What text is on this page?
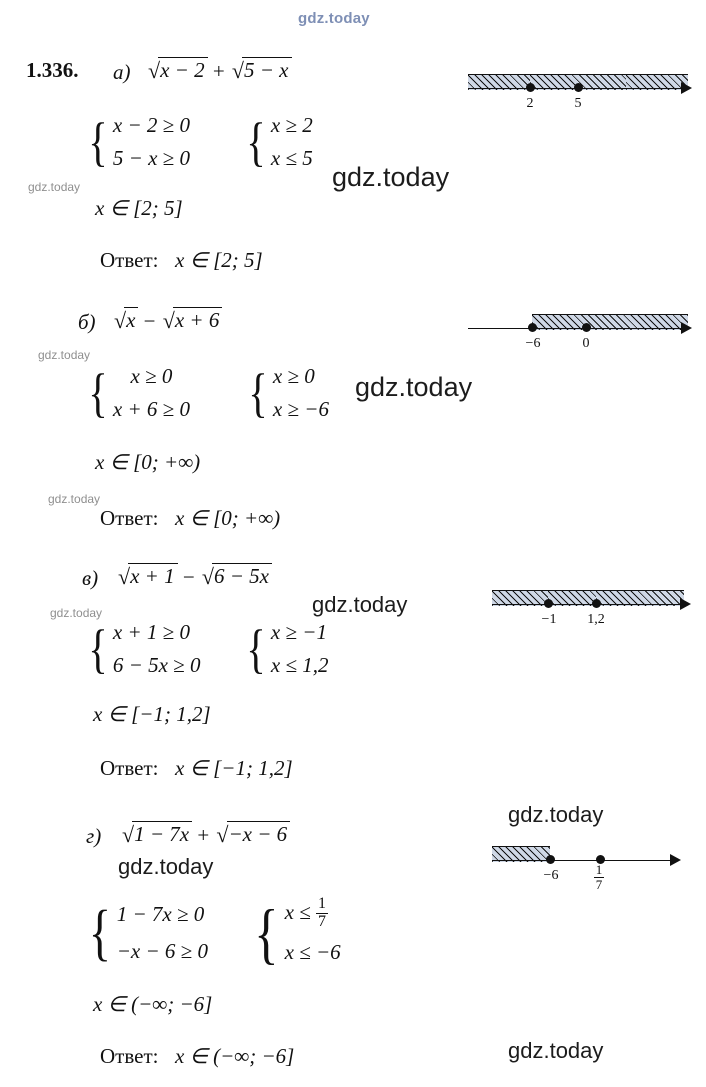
gdz.today
1.336. а) √x − 2 + √5 − x
{ x − 2 ≥ 0
5 − x ≥ 0 { x ≥ 2
x ≤ 5
x ∈ [2; 5]
Ответ: x ∈ [2; 5]
2	5
gdz.today	gdz.today
б) √x − √x + 6
gdz.today
{ x ≥ 0
x + 6 ≥ 0 { x ≥ 0
x ≥ −6
gdz.today
x ∈ [0; +∞)
gdz.today
Ответ: x ∈ [0; +∞)
−6	0
в) √x + 1 − √6 − 5x
gdz.today	gdz.today
{ x + 1 ≥ 0
6 − 5x ≥ 0 { x ≥ −1
x ≤ 1,2
x ∈ [−1; 1,2]
Ответ: x ∈ [−1; 1,2]
−1	1,2
г) √1 − 7x + √−x − 6
gdz.today
gdz.today
gdz.today
{ 1 − 7x ≥ 0
−x − 6 ≥ 0 { $x \le \frac{1}{7}$
x ≤ −6
x ∈ (−∞; −6]
Ответ: x ∈ (−∞; −6]
−6	$\frac{1}{7}$
